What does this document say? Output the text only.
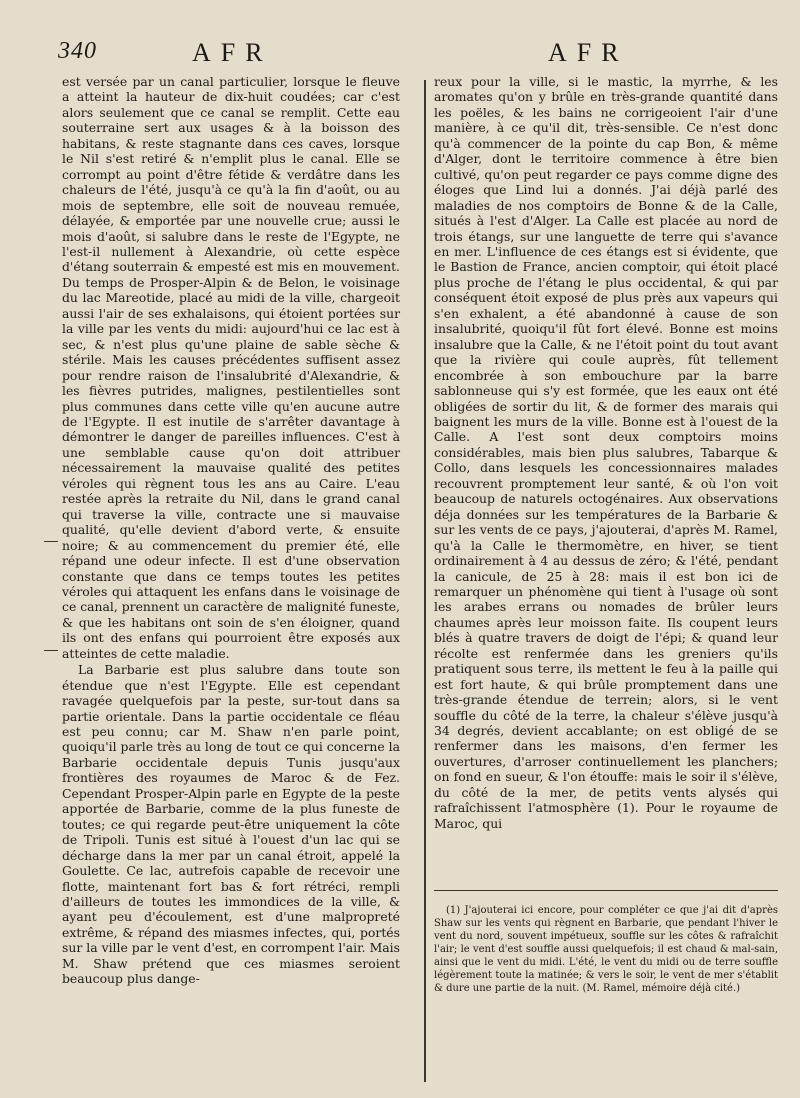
340	AFR	AFR

est versée par un canal particulier, lorsque le fleuve a atteint la hauteur de dix-huit coudées; car c'est alors seulement que ce canal se remplit. Cette eau souterraine sert aux usages & à la boisson des habitans, & reste stagnante dans ces caves, lorsque le Nil s'est retiré & n'emplit plus le canal. Elle se corrompt au point d'être fétide & verdâtre dans les chaleurs de l'été, jusqu'à ce qu'à la fin d'août, ou au mois de septembre, elle soit de nouveau remuée, délayée, & emportée par une nouvelle crue; aussi le mois d'août, si salubre dans le reste de l'Egypte, ne l'est-il nullement à Alexandrie, où cette espèce d'étang souterrain & empesté est mis en mouvement. Du temps de Prosper-Alpin & de Belon, le voisinage du lac Mareotide, placé au midi de la ville, chargeoit aussi l'air de ses exhalaisons, qui étoient portées sur la ville par les vents du midi: aujourd'hui ce lac est à sec, & n'est plus qu'une plaine de sable sèche & stérile. Mais les causes précédentes suffisent assez pour rendre raison de l'insalubrité d'Alexandrie, & les fièvres putrides, malignes, pestilentielles sont plus communes dans cette ville qu'en aucune autre de l'Egypte. Il est inutile de s'arrêter davantage à démontrer le danger de pareilles influences. C'est à une semblable cause qu'on doit attribuer nécessairement la mauvaise qualité des petites véroles qui règnent tous les ans au Caire. L'eau restée après la retraite du Nil, dans le grand canal qui traverse la ville, contracte une si mauvaise qualité, qu'elle devient d'abord verte, & ensuite noire; & au commencement du premier été, elle répand une odeur infecte. Il est d'une observation constante que dans ce temps toutes les petites véroles qui attaquent les enfans dans le voisinage de ce canal, prennent un caractère de malignité funeste, & que les habitans ont soin de s'en éloigner, quand ils ont des enfans qui pourroient être exposés aux atteintes de cette maladie.

La Barbarie est plus salubre dans toute son étendue que n'est l'Egypte. Elle est cependant ravagée quelquefois par la peste, sur-tout dans sa partie orientale. Dans la partie occidentale ce fléau est peu connu; car M. Shaw n'en parle point, quoiqu'il parle très au long de tout ce qui concerne la Barbarie occidentale depuis Tunis jusqu'aux frontières des royaumes de Maroc & de Fez. Cependant Prosper-Alpin parle en Egypte de la peste apportée de Barbarie, comme de la plus funeste de toutes; ce qui regarde peut-être uniquement la côte de Tripoli. Tunis est situé à l'ouest d'un lac qui se décharge dans la mer par un canal étroit, appelé la Goulette. Ce lac, autrefois capable de recevoir une flotte, maintenant fort bas & fort rétréci, rempli d'ailleurs de toutes les immondices de la ville, & ayant peu d'écoulement, est d'une malpropreté extrême, & répand des miasmes infectes, qui, portés sur la ville par le vent d'est, en corrompent l'air. Mais M. Shaw prétend que ces miasmes seroient beaucoup plus dange-

reux pour la ville, si le mastic, la myrrhe, & les aromates qu'on y brûle en très-grande quantité dans les poëles, & les bains ne corrigeoient l'air d'une manière, à ce qu'il dit, très-sensible. Ce n'est donc qu'à commencer de la pointe du cap Bon, & même d'Alger, dont le territoire commence à être bien cultivé, qu'on peut regarder ce pays comme digne des éloges que Lind lui a donnés. J'ai déjà parlé des maladies de nos comptoirs de Bonne & de la Calle, situés à l'est d'Alger. La Calle est placée au nord de trois étangs, sur une languette de terre qui s'avance en mer. L'influence de ces étangs est si évidente, que le Bastion de France, ancien comptoir, qui étoit placé plus proche de l'étang le plus occidental, & qui par conséquent étoit exposé de plus près aux vapeurs qui s'en exhalent, a été abandonné à cause de son insalubrité, quoiqu'il fût fort élevé. Bonne est moins insalubre que la Calle, & ne l'étoit point du tout avant que la rivière qui coule auprès, fût tellement encombrée à son embouchure par la barre sablonneuse qui s'y est formée, que les eaux ont été obligées de sortir du lit, & de former des marais qui baignent les murs de la ville. Bonne est à l'ouest de la Calle. A l'est sont deux comptoirs moins considérables, mais bien plus salubres, Tabarque & Collo, dans lesquels les concessionnaires malades recouvrent promptement leur santé, & où l'on voit beaucoup de naturels octogénaires. Aux observations déja données sur les températures de la Barbarie & sur les vents de ce pays, j'ajouterai, d'après M. Ramel, qu'à la Calle le thermomètre, en hiver, se tient ordinairement à 4 au dessus de zéro; & l'été, pendant la canicule, de 25 à 28: mais il est bon ici de remarquer un phénomène qui tient à l'usage où sont les arabes errans ou nomades de brûler leurs chaumes après leur moisson faite. Ils coupent leurs blés à quatre travers de doigt de l'épi; & quand leur récolte est renfermée dans les greniers qu'ils pratiquent sous terre, ils mettent le feu à la paille qui est fort haute, & qui brûle promptement dans une très-grande étendue de terrein; alors, si le vent souffle du côté de la terre, la chaleur s'élève jusqu'à 34 degrés, devient accablante; on est obligé de se renfermer dans les maisons, d'en fermer les ouvertures, d'arroser continuellement les planchers; on fond en sueur, & l'on étouffe: mais le soir il s'élève, du côté de la mer, de petits vents alysés qui rafraîchissent l'atmosphère (1). Pour le royaume de Maroc, qui

(1) J'ajouterai ici encore, pour compléter ce que j'ai dit d'après Shaw sur les vents qui règnent en Barbarie, que pendant l'hiver le vent du nord, souvent impétueux, souffle sur les côtes & rafraîchit l'air; le vent d'est souffle aussi quelquefois; il est chaud & mal-sain, ainsi que le vent du midi. L'été, le vent du midi ou de terre souffle légèrement toute la matinée; & vers le soir, le vent de mer s'établit & dure une partie de la nuit. (M. Ramel, mémoire déjà cité.)
